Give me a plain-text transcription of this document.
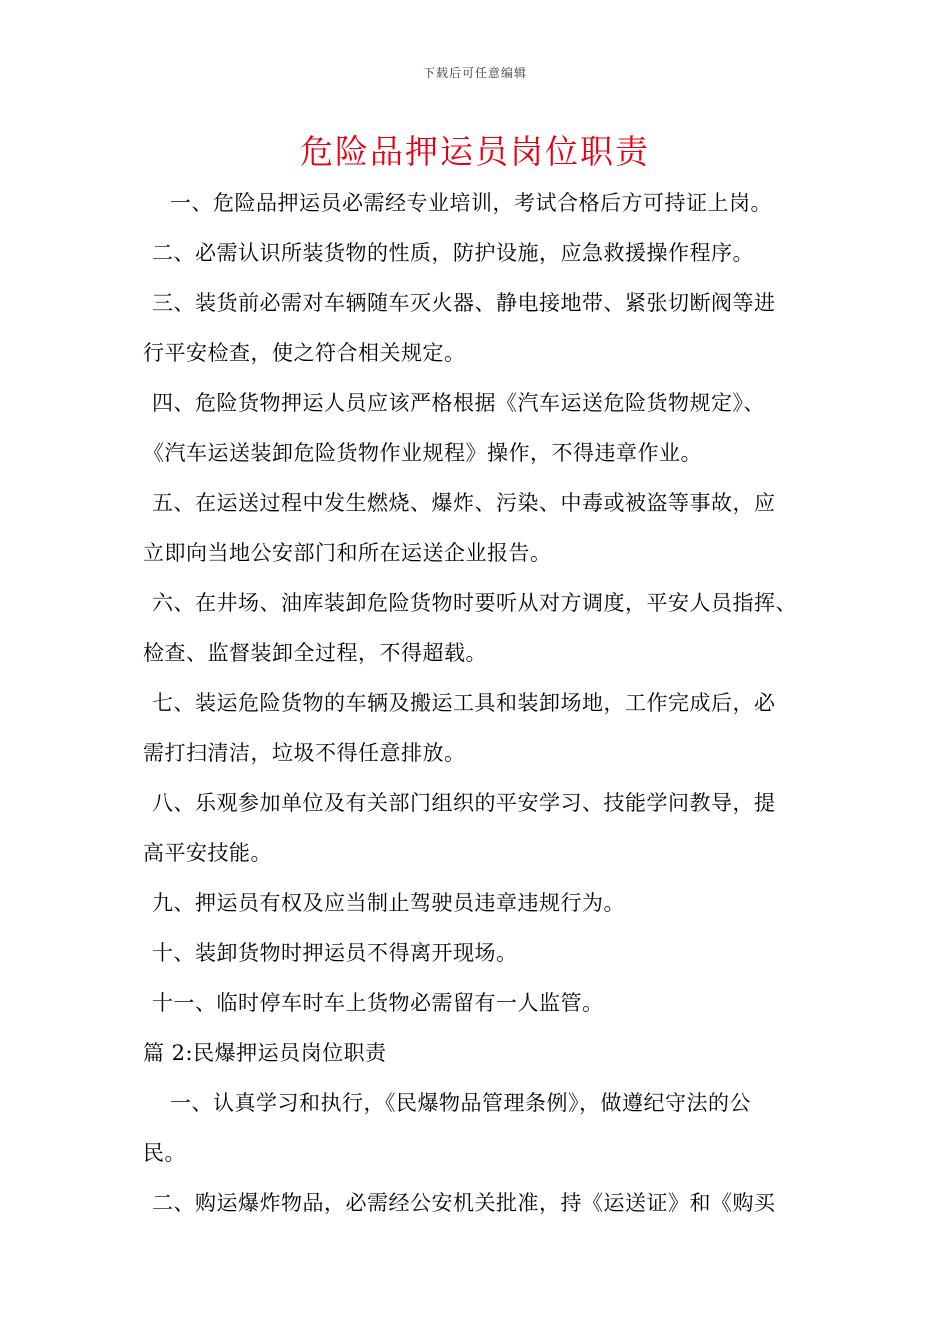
下载后可任意编辑
危险品押运员岗位职责
一、危险品押运员必需经专业培训，考试合格后方可持证上岗。
二、必需认识所装货物的性质，防护设施，应急救援操作程序。
三、装货前必需对车辆随车灭火器、静电接地带、紧张切断阀等进
行平安检查，使之符合相关规定。
四、危险货物押运人员应该严格根据《汽车运送危险货物规定》、
《汽车运送装卸危险货物作业规程》操作，不得违章作业。
五、在运送过程中发生燃烧、爆炸、污染、中毒或被盗等事故，应
立即向当地公安部门和所在运送企业报告。
六、在井场、油库装卸危险货物时要听从对方调度，平安人员指挥、
检查、监督装卸全过程，不得超载。
七、装运危险货物的车辆及搬运工具和装卸场地，工作完成后，必
需打扫清洁，垃圾不得任意排放。
八、乐观参加单位及有关部门组织的平安学习、技能学问教导，提
高平安技能。
九、押运员有权及应当制止驾驶员违章违规行为。
十、装卸货物时押运员不得离开现场。
十一、临时停车时车上货物必需留有一人监管。
篇 2:民爆押运员岗位职责
一、认真学习和执行，《民爆物品管理条例》，做遵纪守法的公
民。
二、购运爆炸物品，必需经公安机关批准，持《运送证》和《购买
